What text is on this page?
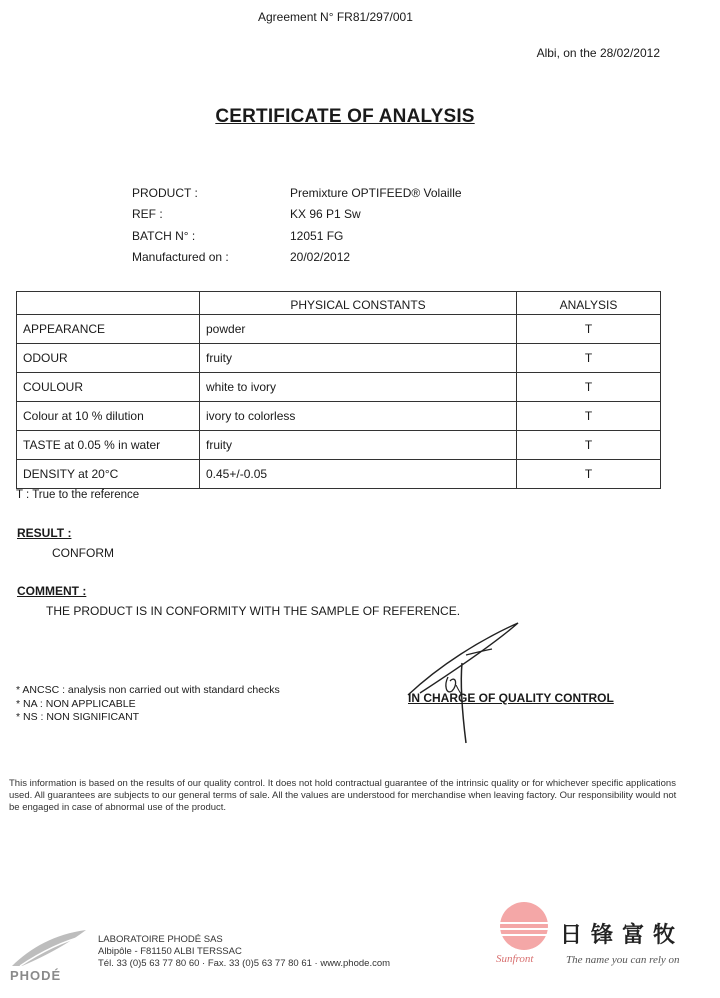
Agreement N° FR81/297/001
Albi, on the 28/02/2012
CERTIFICATE OF ANALYSIS
PRODUCT :	Premixture OPTIFEED® Volaille
REF :	KX 96 P1 Sw
BATCH N° :	12051 FG
Manufactured on :	20/02/2012
	PHYSICAL CONSTANTS	ANALYSIS
APPEARANCE	powder	T
ODOUR	fruity	T
COULOUR	white to ivory	T
Colour at 10 % dilution	ivory to colorless	T
TASTE at 0.05 % in water	fruity	T
DENSITY at 20°C	0.45+/-0.05	T
T : True to the reference
RESULT :
CONFORM
COMMENT :
THE PRODUCT IS IN CONFORMITY WITH THE SAMPLE OF REFERENCE.
* ANCSC : analysis non carried out with standard checks
* NA : NON APPLICABLE
* NS : NON SIGNIFICANT
IN CHARGE OF QUALITY CONTROL
This information is based on the results of our quality control. It does not hold contractual guarantee of the intrinsic quality or for whichever specific applications used. All guarantees are subjects to our general terms of sale. All the values are understood for merchandise when leaving factory. Our responsibility would not be engaged in case of abnormal use of the product.
PHODÉ
LABORATOIRE PHODÉ SAS
Albipôle - F81150 ALBI TERSSAC
Tél. 33 (0)5 63 77 80 60 · Fax. 33 (0)5 63 77 80 61 · www.phode.com	Sunfront
日锋富牧
The name you can rely on
